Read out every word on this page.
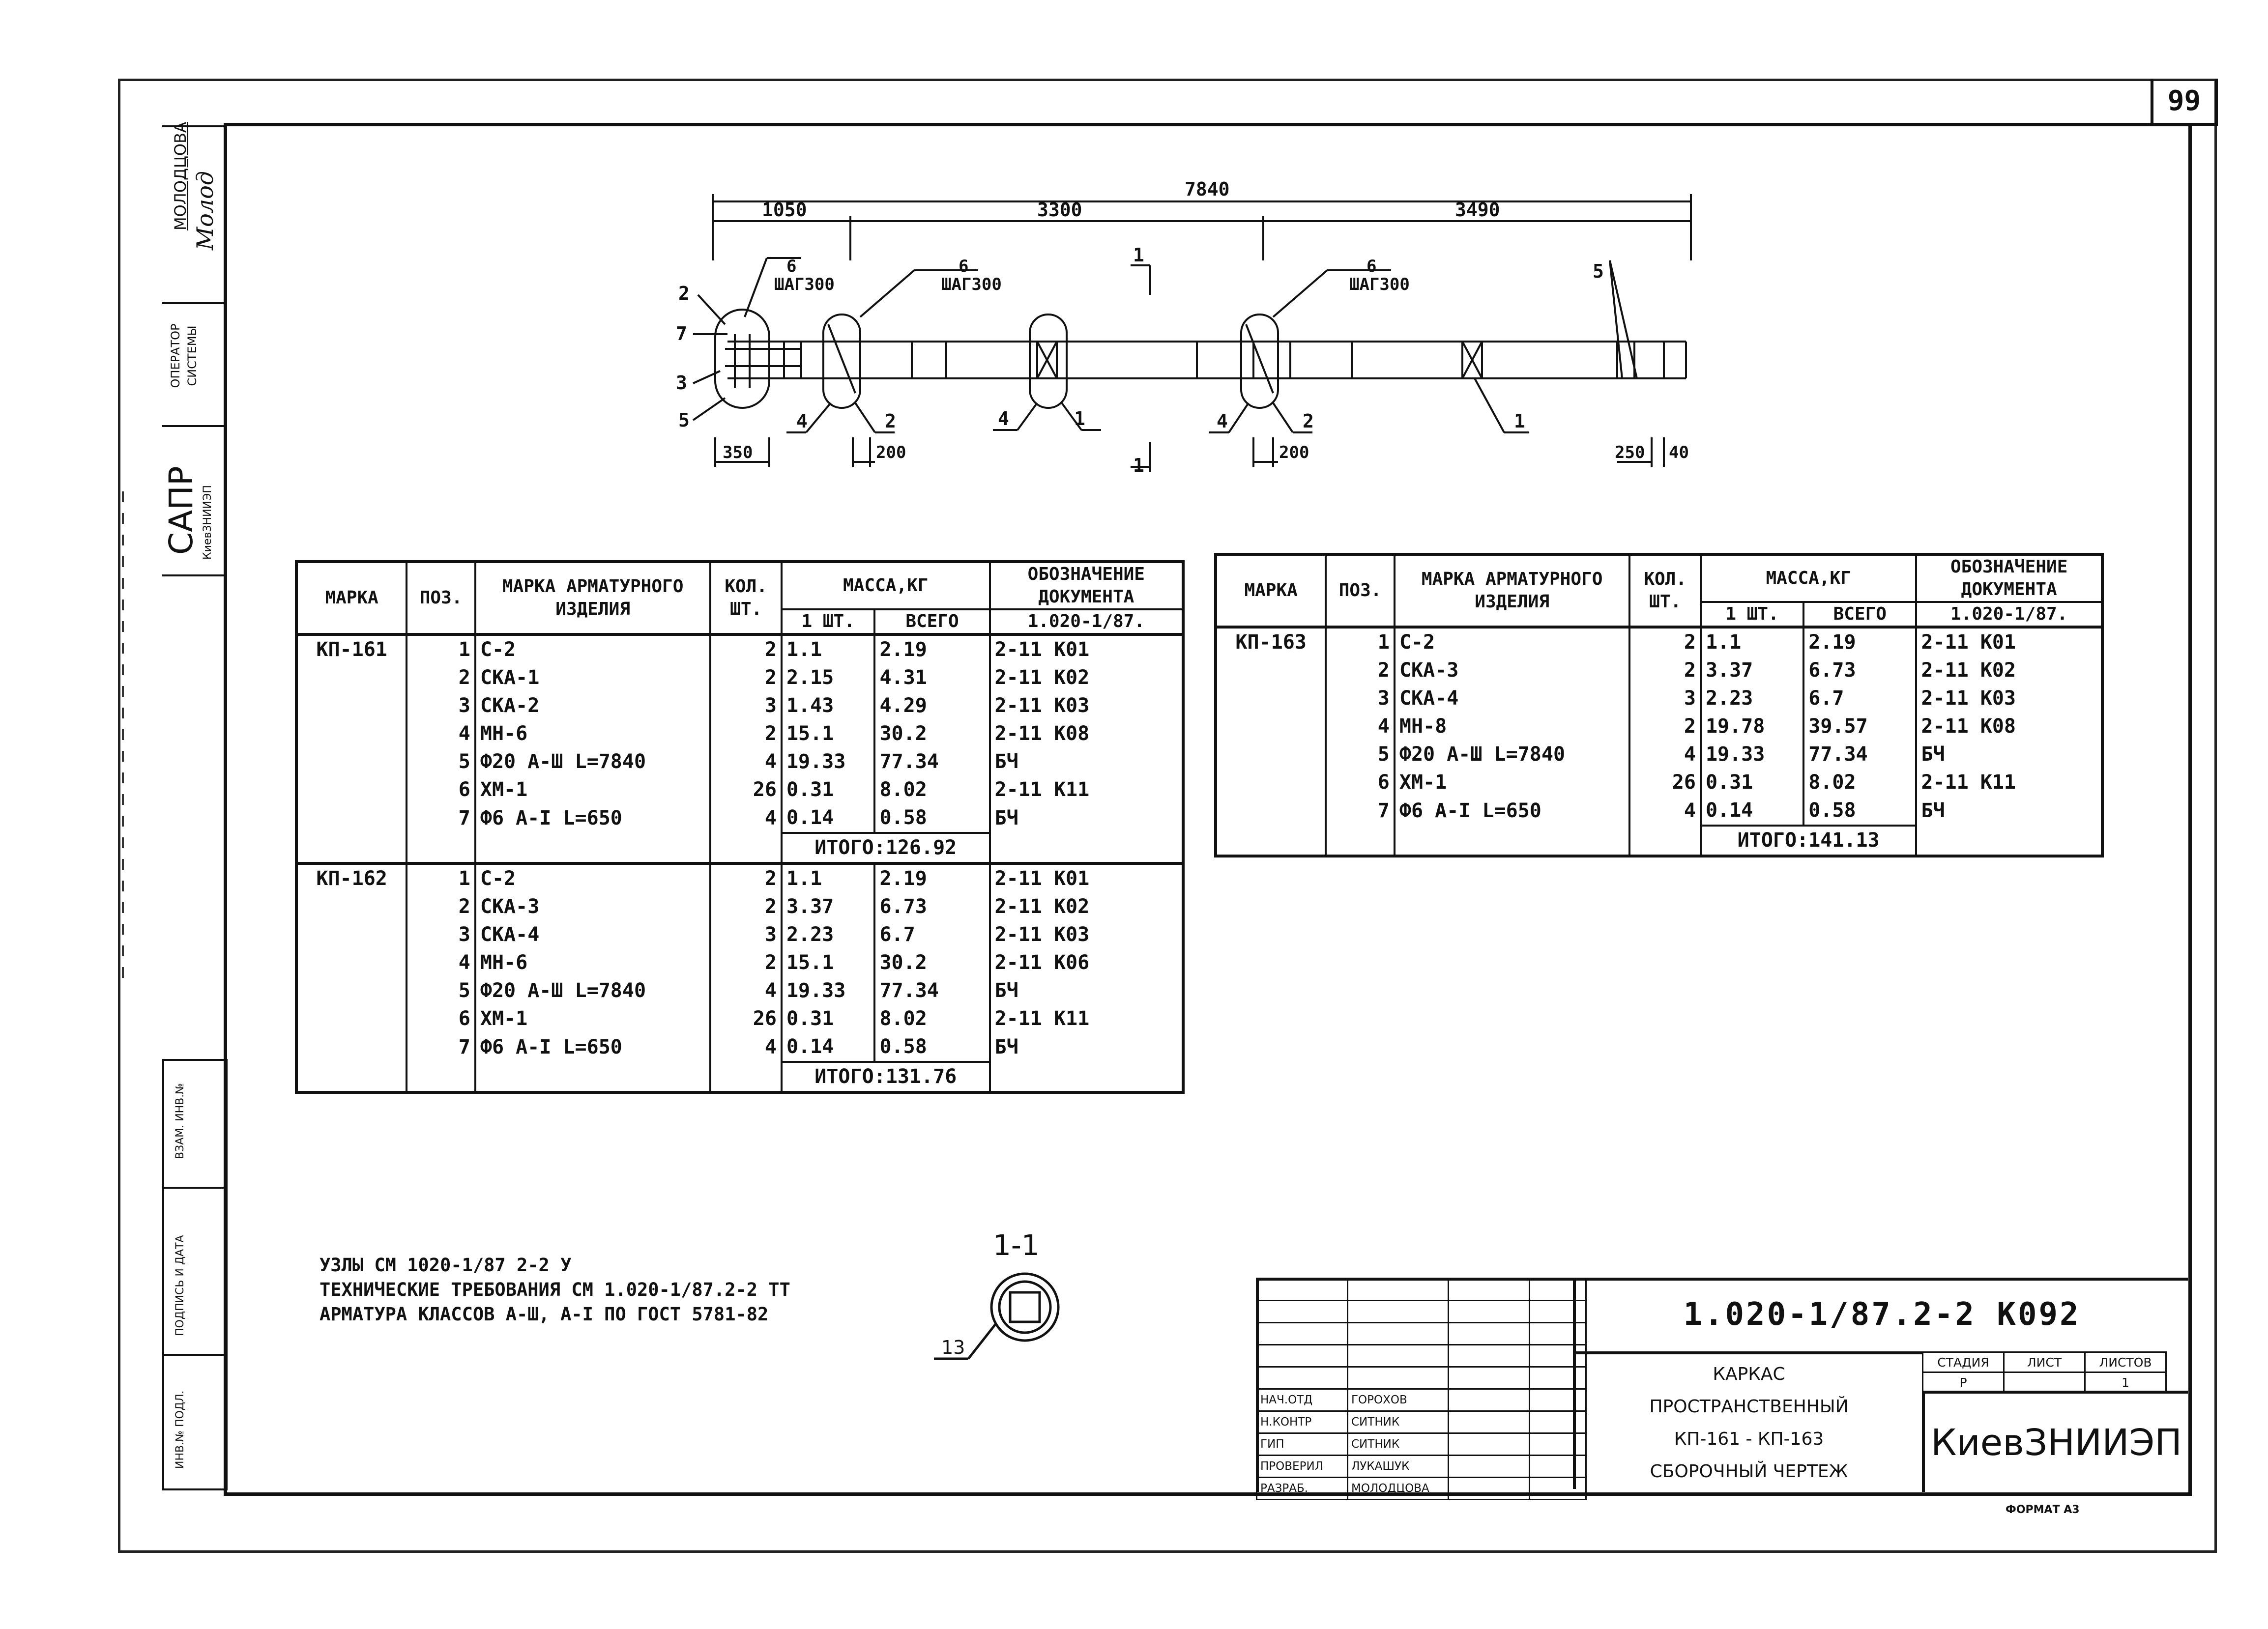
99
МОЛОДЦОВА Молод
ОПЕРАТОР СИСТЕМЫ
САПР КиевЗНИИЭП
ВЗАМ. ИНВ.№
ПОДПИСЬ И ДАТА
ИНВ.№ ПОДЛ.
7840
1050	3300	3490
6
ШАГ300
6
ШАГ300
6
ШАГ300
2
7
3
5	4	2	4	1	4	2	1
5
1
1
350	200	200	250 40
МАРКА	ПОЗ.	МАРКА АРМАТУРНОГО ИЗДЕЛИЯ	КОЛ. ШТ.	МАССА,КГ		ОБОЗНАЧЕНИЕ ДОКУМЕНТА
				1 ШТ.	ВСЕГО	1.020-1/87.
КП-161	1	С-2	2	1.1	2.19	2-11 К01
	2	СКА-1	2	2.15	4.31	2-11 К02
	3	СКА-2	3	1.43	4.29	2-11 К03
	4	МН-6	2	15.1	30.2	2-11 К08
	5	Ф20 А-Ш L=7840	4	19.33	77.34	БЧ
	6	ХМ-1	26	0.31	8.02	2-11 К11
	7	Ф6 А-I L=650	4	0.14	0.58	БЧ
				ИТОГО:126.92		
КП-162	1	С-2	2	1.1	2.19	2-11 К01
	2	СКА-3	2	3.37	6.73	2-11 К02
	3	СКА-4	3	2.23	6.7	2-11 К03
	4	МН-6	2	15.1	30.2	2-11 К06
	5	Ф20 А-Ш L=7840	4	19.33	77.34	БЧ
	6	ХМ-1	26	0.31	8.02	2-11 К11
	7	Ф6 А-I L=650	4	0.14	0.58	БЧ
				ИТОГО:131.76		
МАРКА	ПОЗ.	МАРКА АРМАТУРНОГО ИЗДЕЛИЯ	КОЛ. ШТ.	МАССА,КГ		ОБОЗНАЧЕНИЕ ДОКУМЕНТА
				1 ШТ.	ВСЕГО	1.020-1/87.
КП-163	1	С-2	2	1.1	2.19	2-11 К01
	2	СКА-3	2	3.37	6.73	2-11 К02
	3	СКА-4	3	2.23	6.7	2-11 К03
	4	МН-8	2	19.78	39.57	2-11 К08
	5	Ф20 А-Ш L=7840	4	19.33	77.34	БЧ
	6	ХМ-1	26	0.31	8.02	2-11 К11
	7	Ф6 А-I L=650	4	0.14	0.58	БЧ
				ИТОГО:141.13		
УЗЛЫ СМ 1020-1/87 2-2 У
ТЕХНИЧЕСКИЕ ТРЕБОВАНИЯ СМ 1.020-1/87.2-2 ТТ
АРМАТУРА КЛАССОВ А-Ш, А-I ПО ГОСТ 5781-82
1-1
13

НАЧ.ОТД	ГОРОХОВ		
Н.КОНТР	СИТНИК		
ГИП	СИТНИК		
ПРОВЕРИЛ	ЛУКАШУК		
РАЗРАБ.	МОЛОДЦОВА		
1.020-1/87.2-2 К092
КАРКАС
ПРОСТРАНСТВЕННЫЙ
КП-161 - КП-163
СБОРОЧНЫЙ ЧЕРТЕЖ
СТАДИЯ	ЛИСТ	ЛИСТОВ
Р		1
КиевЗНИИЭП
ФОРМАТ А3
